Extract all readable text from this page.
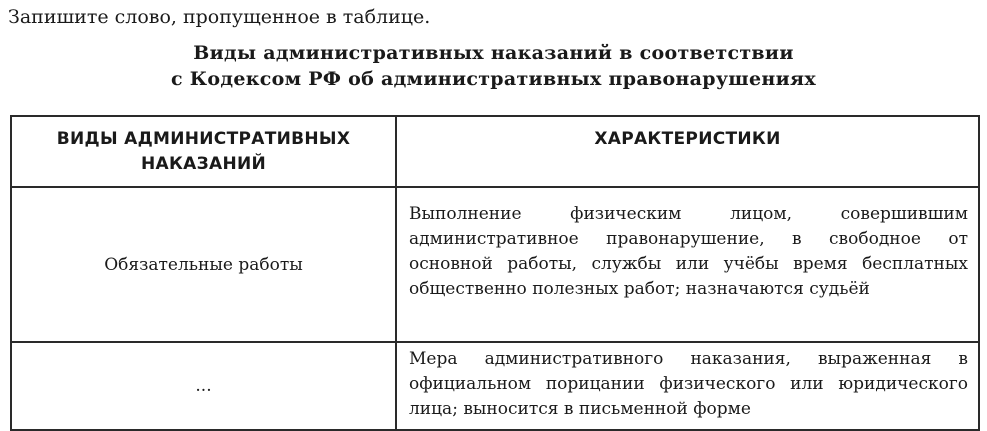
Запишите слово, пропущенное в таблице.
Виды административных наказаний в соответствии
с Кодексом РФ об административных правонарушениях
ВИДЫ АДМИНИСТРАТИВНЫХ
НАКАЗАНИЙ	ХАРАКТЕРИСТИКИ
Обязательные работы	Выполнение физическим лицом, совершившим административное правонарушение, в свободное от основной работы, службы или учёбы время бесплатных общественно полезных работ; назначаются судьёй
...	Мера административного наказания, выраженная в официальном порицании физического или юридического лица; выносится в письменной форме
